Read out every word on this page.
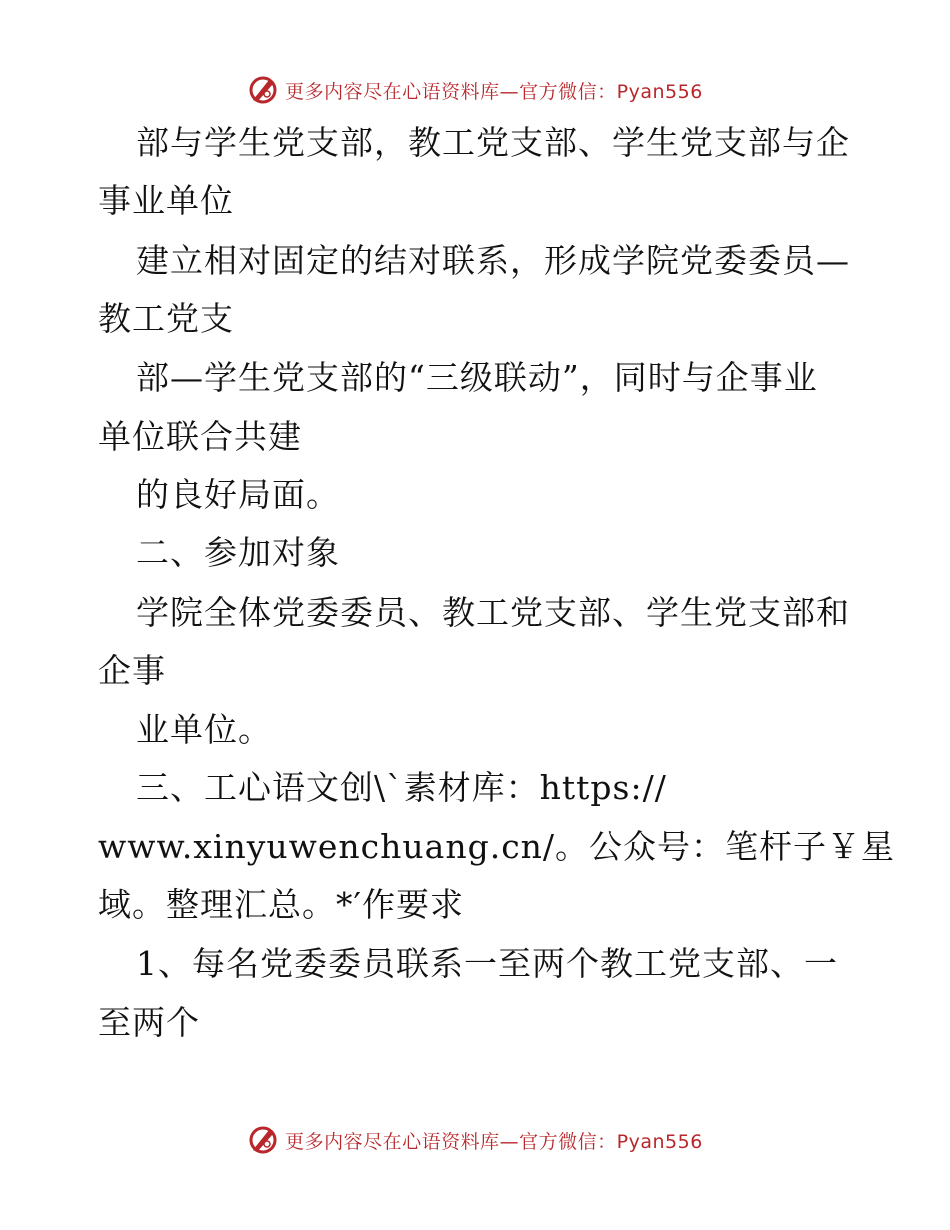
更多内容尽在心语资料库—官方微信：Pyan556
部与学生党支部，教工党支部、学生党支部与企
事业单位
建立相对固定的结对联系，形成学院党委委员—
教工党支
部—学生党支部的“三级联动”，同时与企事业
单位联合共建
的良好局面。
二、参加对象
学院全体党委委员、教工党支部、学生党支部和
企事
业单位。
三、工心语文创\`素材库：https://
www.xinyuwenchuang.cn/。公众号：笔杆子￥星
域。整理汇总。*′作要求
1、每名党委委员联系一至两个教工党支部、一
至两个
更多内容尽在心语资料库—官方微信：Pyan556
